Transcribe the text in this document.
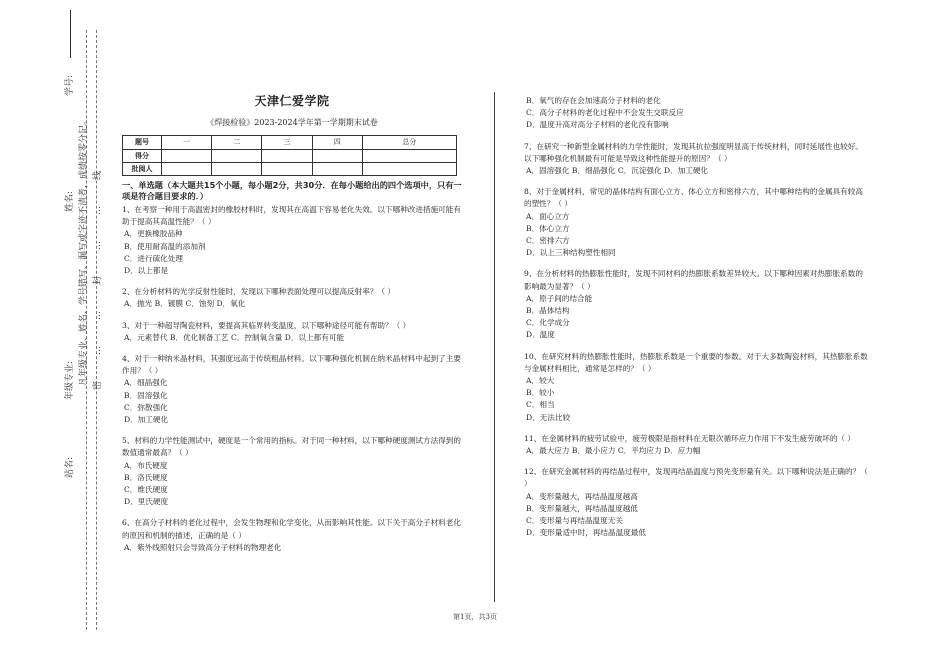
学号:
姓名:
年级专业:
站名:
凡年级专业、姓名、学号错写、漏写或字迹不清者，成绩按零分记。 密……封……线
天津仁爱学院
《焊接检验》2023-2024学年第一学期期末试卷
题号	一	二	三	四	总分
得分					
批阅人					
一、单选题（本大题共15个小题，每小题2分，共30分．在每小题给出的四个选项中，只有一项是符合题目要求的．）
1、在考察一种用于高温密封的橡胶材料时，发现其在高温下容易老化失效。以下哪种改进措施可能有助于提高其高温性能？（ ）
A．更换橡胶品种
B．使用耐高温的添加剂
C．进行硫化处理
D．以上都是
2、在分析材料的光学反射性能时，发现以下哪种表面处理可以提高反射率？（ ）
A．抛光 B．镀膜 C．蚀刻 D．氧化
3、对于一种超导陶瓷材料，要提高其临界转变温度，以下哪种途径可能有帮助？（ ）
A．元素替代 B．优化制备工艺 C．控制氧含量 D．以上都有可能
4、对于一种纳米晶材料，其强度远高于传统粗晶材料。以下哪种强化机制在纳米晶材料中起到了主要作用？（ ）
A．细晶强化
B．固溶强化
C．弥散强化
D．加工硬化
5、材料的力学性能测试中，硬度是一个常用的指标。对于同一种材料，以下哪种硬度测试方法得到的数值通常最高？（ ）
A．布氏硬度
B．洛氏硬度
C．维氏硬度
D．里氏硬度
6、在高分子材料的老化过程中，会发生物理和化学变化，从而影响其性能。以下关于高分子材料老化的原因和机制的描述，正确的是（ ）
A．紫外线照射只会导致高分子材料的物理老化
B．氧气的存在会加速高分子材料的老化
C．高分子材料的老化过程中不会发生交联反应
D．温度升高对高分子材料的老化没有影响
7、在研究一种新型金属材料的力学性能时，发现其抗拉强度明显高于传统材料，同时延展性也较好。以下哪种强化机制最有可能是导致这种性能提升的原因？（ ）
A．固溶强化 B．细晶强化 C．沉淀强化 D．加工硬化
8、对于金属材料，常见的晶体结构有面心立方、体心立方和密排六方，其中哪种结构的金属具有较高的塑性？（ ）
A．面心立方
B．体心立方
C．密排六方
D．以上三种结构塑性相同
9、在分析材料的热膨胀性能时，发现不同材料的热膨胀系数差异较大。以下哪种因素对热膨胀系数的影响最为显著？（ ）
A．原子间的结合能
B．晶体结构
C．化学成分
D．温度
10、在研究材料的热膨胀性能时，热膨胀系数是一个重要的参数。对于大多数陶瓷材料，其热膨胀系数与金属材料相比，通常是怎样的？（ ）
A．较大
B．较小
C．相当
D．无法比较
11、在金属材料的疲劳试验中，疲劳极限是指材料在无限次循环应力作用下不发生疲劳破坏的（ ）
A．最大应力 B．最小应力 C．平均应力 D．应力幅
12、在研究金属材料的再结晶过程中，发现再结晶温度与预先变形量有关。以下哪种说法是正确的？（ ）
A．变形量越大，再结晶温度越高
B．变形量越大，再结晶温度越低
C．变形量与再结晶温度无关
D．变形量适中时，再结晶温度最低
第1页，共3页
